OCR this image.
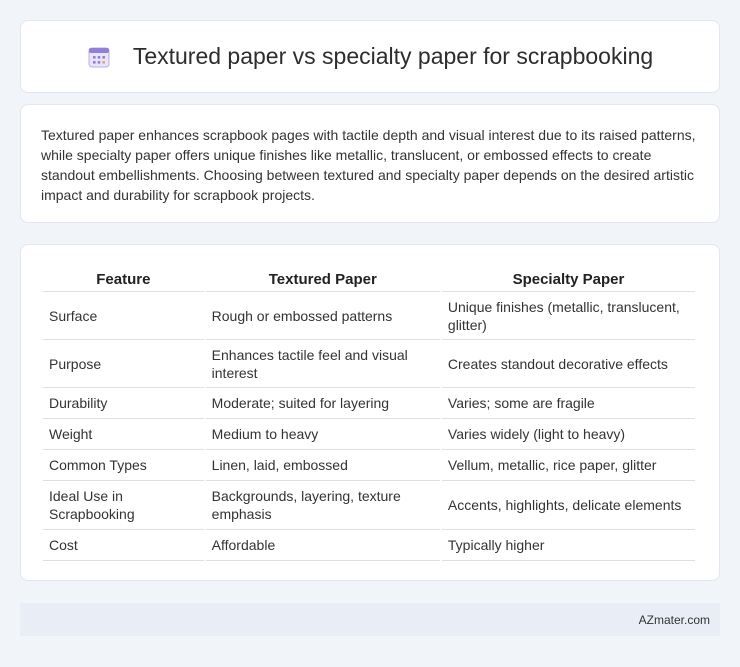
Textured paper vs specialty paper for scrapbooking

Textured paper enhances scrapbook pages with tactile depth and visual interest due to its raised patterns, while specialty paper offers unique finishes like metallic, translucent, or embossed effects to create standout embellishments. Choosing between textured and specialty paper depends on the desired artistic impact and durability for scrapbook projects.

Feature	Textured Paper	Specialty Paper
Surface	Rough or embossed patterns	Unique finishes (metallic, translucent, glitter)
Purpose	Enhances tactile feel and visual interest	Creates standout decorative effects
Durability	Moderate; suited for layering	Varies; some are fragile
Weight	Medium to heavy	Varies widely (light to heavy)
Common Types	Linen, laid, embossed	Vellum, metallic, rice paper, glitter
Ideal Use in Scrapbooking	Backgrounds, layering, texture emphasis	Accents, highlights, delicate elements
Cost	Affordable	Typically higher
AZmater.com
